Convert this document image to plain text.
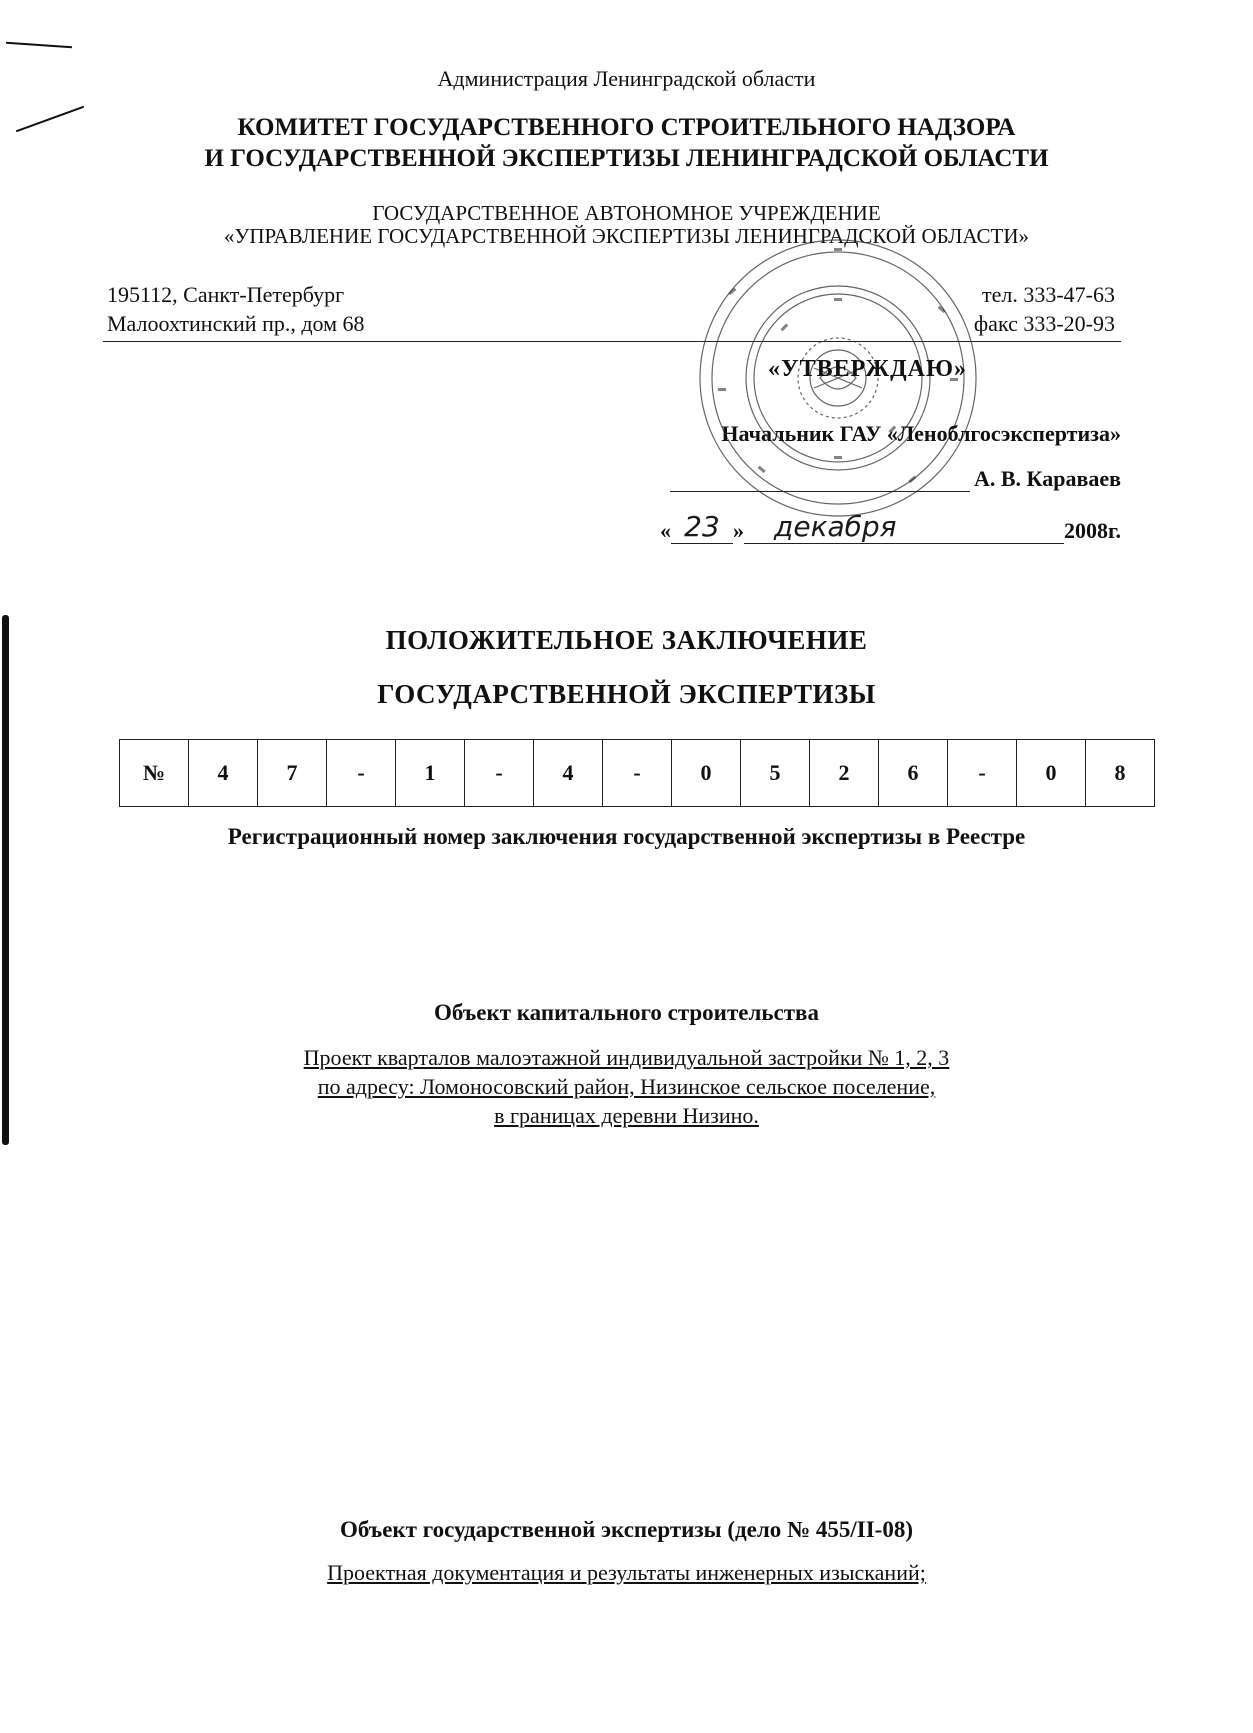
Администрация Ленинградской области
КОМИТЕТ ГОСУДАРСТВЕННОГО СТРОИТЕЛЬНОГО НАДЗОРА
И ГОСУДАРСТВЕННОЙ ЭКСПЕРТИЗЫ ЛЕНИНГРАДСКОЙ ОБЛАСТИ
ГОСУДАРСТВЕННОЕ АВТОНОМНОЕ УЧРЕЖДЕНИЕ
«УПРАВЛЕНИЕ ГОСУДАРСТВЕННОЙ ЭКСПЕРТИЗЫ ЛЕНИНГРАДСКОЙ ОБЛАСТИ»
195112, Санкт-Петербург
Малоохтинский пр., дом 68
тел. 333-47-63
факс 333-20-93
«УТВЕРЖДАЮ»
Начальник ГАУ «Леноблгосэкспертиза»
А. В. Караваев
« 23 »	декабря	2008г.
ПОЛОЖИТЕЛЬНОЕ ЗАКЛЮЧЕНИЕ
ГОСУДАРСТВЕННОЙ ЭКСПЕРТИЗЫ
№	4	7	-	1	-	4	-	0	5	2	6	-	0	8
Регистрационный номер заключения государственной экспертизы в Реестре
Объект капитального строительства
Проект кварталов малоэтажной индивидуальной застройки № 1, 2, 3
по адресу: Ломоносовский район, Низинское сельское поселение,
в границах деревни Низино.
Объект государственной экспертизы (дело № 455/II-08)
Проектная документация и результаты инженерных изысканий;
